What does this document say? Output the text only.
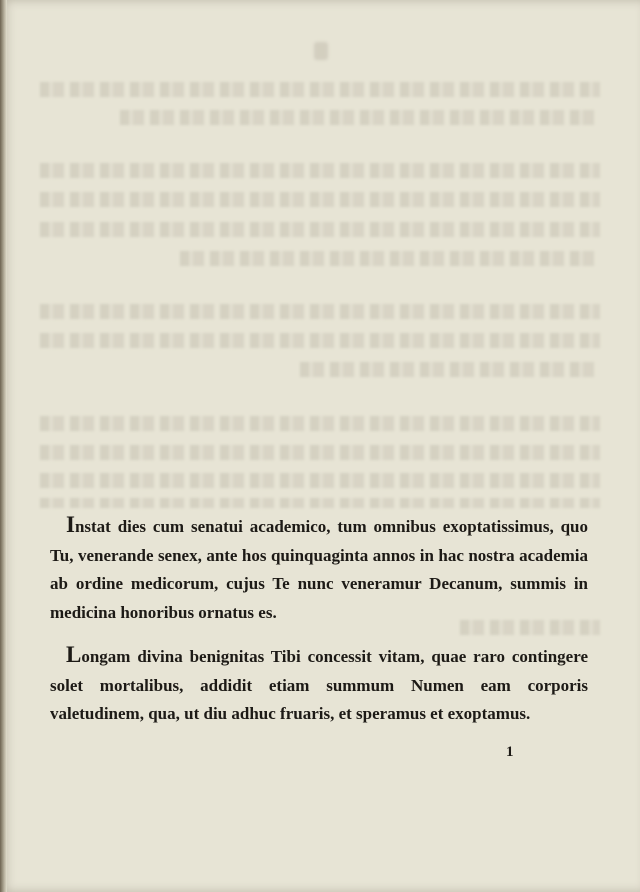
Instat dies cum senatui academico, tum omnibus exoptatissimus, quo Tu, venerande senex, ante hos quinquaginta annos in hac nostra academia ab ordine medicorum, cujus Te nunc veneramur Decanum, summis in medicina honoribus ornatus es.

Longam divina benignitas Tibi concessit vitam, quae raro contingere solet mortalibus, addidit etiam summum Numen eam corporis valetudinem, qua, ut diu adhuc fruaris, et speramus et exoptamus.

1
